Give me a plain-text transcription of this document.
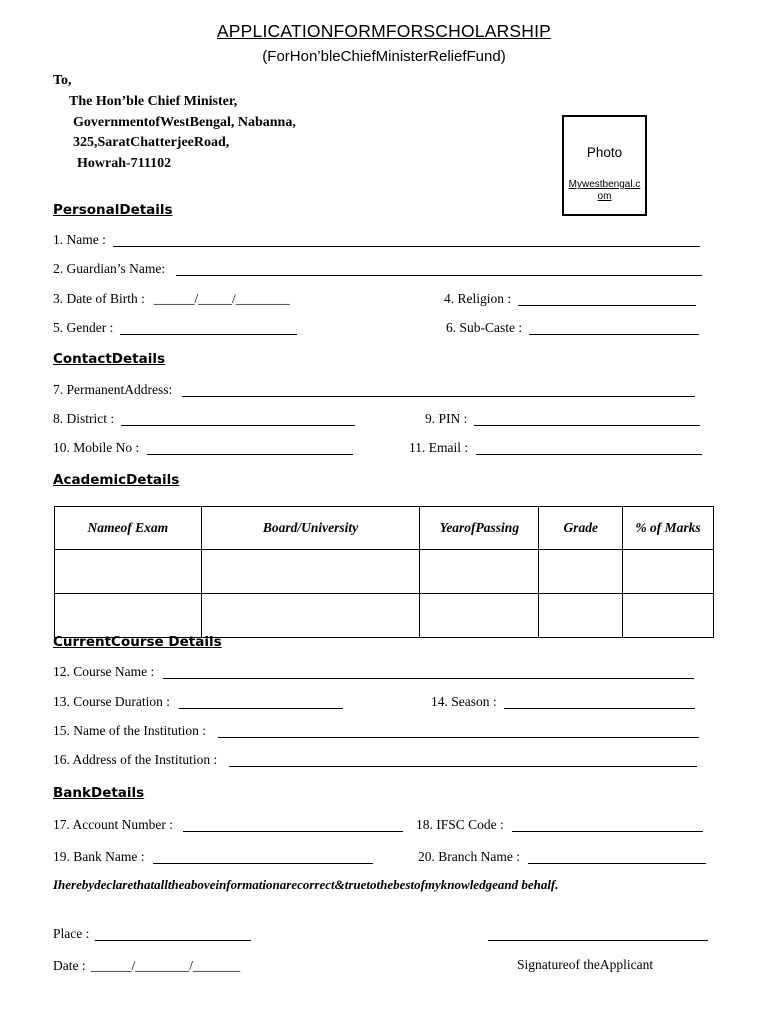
APPLICATIONFORMFORSCHOLARSHIP
(ForHon’bleChiefMinisterReliefFund)
To,
The Hon’ble Chief Minister,
GovernmentofWestBengal, Nabanna,
325,SaratChatterjeeRoad,
Howrah-711102
Photo
Mywestbengal.com
PersonalDetails
1. Name :
2. Guardian’s Name:
3. Date of Birth : ______/_____/________	4. Religion :
5. Gender :	6. Sub-Caste :
ContactDetails
7. PermanentAddress:
8. District :	9. PIN :
10. Mobile No :	11. Email :
AcademicDetails
Nameof Exam	Board/University	YearofPassing	Grade	% of Marks

CurrentCourse Details
12. Course Name :
13. Course Duration :	14. Season :
15. Name of the Institution :
16. Address of the Institution :
BankDetails
17. Account Number :	18. IFSC Code :
19. Bank Name :	20. Branch Name :
Iherebydeclarethatalltheaboveinformationarecorrect&truetothebestofmyknowledgeand behalf.
Place :
Date : ______/________/_______	Signatureof theApplicant
